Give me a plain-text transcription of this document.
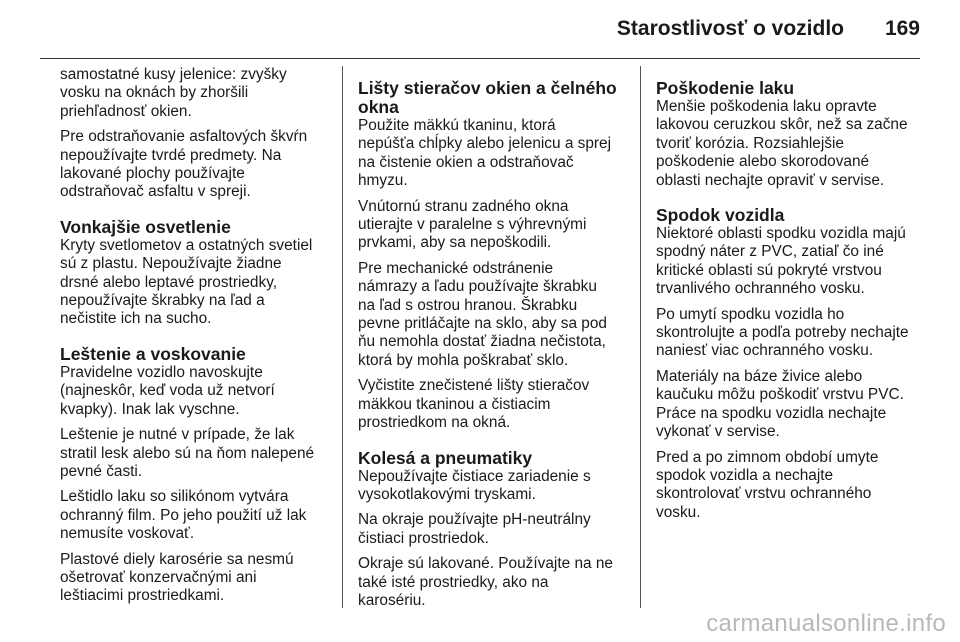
Starostlivosť o vozidlo 169
samostatné kusy jelenice: zvyšky
vosku na oknách by zhoršili
priehľadnosť okien.
Pre odstraňovanie asfaltových škvŕn
nepoužívajte tvrdé predmety. Na
lakované plochy používajte
odstraňovač asfaltu v spreji.
Vonkajšie osvetlenie
Kryty svetlometov a ostatných svetiel
sú z plastu. Nepoužívajte žiadne
drsné alebo leptavé prostriedky,
nepoužívajte škrabky na ľad a
nečistite ich na sucho.
Leštenie a voskovanie
Pravidelne vozidlo navoskujte
(najneskôr, keď voda už netvorí
kvapky). Inak lak vyschne.
Leštenie je nutné v prípade, že lak
stratil lesk alebo sú na ňom nalepené
pevné časti.
Leštidlo laku so silikónom vytvára
ochranný film. Po jeho použití už lak
nemusíte voskovať.
Plastové diely karosérie sa nesmú
ošetrovať konzervačnými ani
leštiacimi prostriedkami.
Lišty stieračov okien a čelného
okna
Použite mäkkú tkaninu, ktorá
nepúšťa chĺpky alebo jelenicu a sprej
na čistenie okien a odstraňovač
hmyzu.
Vnútornú stranu zadného okna
utierajte v paralelne s výhrevnými
prvkami, aby sa nepoškodili.
Pre mechanické odstránenie
námrazy a ľadu používajte škrabku
na ľad s ostrou hranou. Škrabku
pevne pritláčajte na sklo, aby sa pod
ňu nemohla dostať žiadna nečistota,
ktorá by mohla poškrabať sklo.
Vyčistite znečistené lišty stieračov
mäkkou tkaninou a čistiacim
prostriedkom na okná.
Kolesá a pneumatiky
Nepoužívajte čistiace zariadenie s
vysokotlakovými tryskami.
Na okraje používajte pH-neutrálny
čistiaci prostriedok.
Okraje sú lakované. Používajte na ne
také isté prostriedky, ako na
karosériu.
Poškodenie laku
Menšie poškodenia laku opravte
lakovou ceruzkou skôr, než sa začne
tvoriť korózia. Rozsiahlejšie
poškodenie alebo skorodované
oblasti nechajte opraviť v servise.
Spodok vozidla
Niektoré oblasti spodku vozidla majú
spodný náter z PVC, zatiaľ čo iné
kritické oblasti sú pokryté vrstvou
trvanlivého ochranného vosku.
Po umytí spodku vozidla ho
skontrolujte a podľa potreby nechajte
naniesť viac ochranného vosku.
Materiály na báze živice alebo
kaučuku môžu poškodiť vrstvu PVC.
Práce na spodku vozidla nechajte
vykonať v servise.
Pred a po zimnom období umyte
spodok vozidla a nechajte
skontrolovať vrstvu ochranného
vosku.
carmanualsonline.info
